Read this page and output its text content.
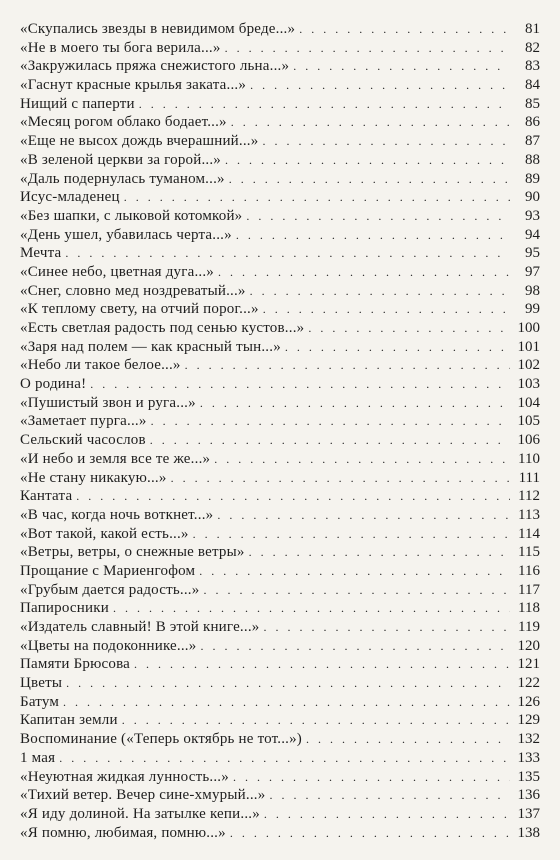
«Скупались звезды в невидимом бреде...» . . .	81
«Не в моего ты бога верила...» . . .	82
«Закружилась пряжа снежистого льна...» . . .	83
«Гаснут красные крылья заката...» . . .	84
Нищий с паперти . . .	85
«Месяц рогом облако бодает...» . . .	86
«Еще не высох дождь вчерашний...» . . .	87
«В зеленой церкви за горой...» . . .	88
«Даль подернулась туманом...» . . .	89
Исус-младенец . . .	90
«Без шапки, с лыковой котомкой» . . .	93
«День ушел, убавилась черта...» . . .	94
Мечта . . .	95
«Синее небо, цветная дуга...» . . .	97
«Снег, словно мед ноздреватый...» . . .	98
«К теплому свету, на отчий порог...» . . .	99
«Есть светлая радость под сенью кустов...» . . .	100
«Заря над полем — как красный тын...» . . .	101
«Небо ли такое белое...» . . .	102
О родина! . . .	103
«Пушистый звон и руга...» . . .	104
«Заметает пурга...» . . .	105
Сельский часослов . . .	106
«И небо и земля все те же...» . . .	110
«Не стану никакую...» . . .	111
Кантата . . .	112
«В час, когда ночь воткнет...» . . .	113
«Вот такой, какой есть...» . . .	114
«Ветры, ветры, о снежные ветры» . . .	115
Прощание с Мариенгофом . . .	116
«Грубым дается радость...» . . .	117
Папиросники . . .	118
«Издатель славный! В этой книге...» . . .	119
«Цветы на подоконнике...» . . .	120
Памяти Брюсова . . .	121
Цветы . . .	122
Батум . . .	126
Капитан земли . . .	129
Воспоминание («Теперь октябрь не тот...») . . .	132
1 мая . . .	133
«Неуютная жидкая лунность...» . . .	135
«Тихий ветер. Вечер сине-хмурый...» . . .	136
«Я иду долиной. На затылке кепи...» . . .	137
«Я помню, любимая, помню...» . . .	138
